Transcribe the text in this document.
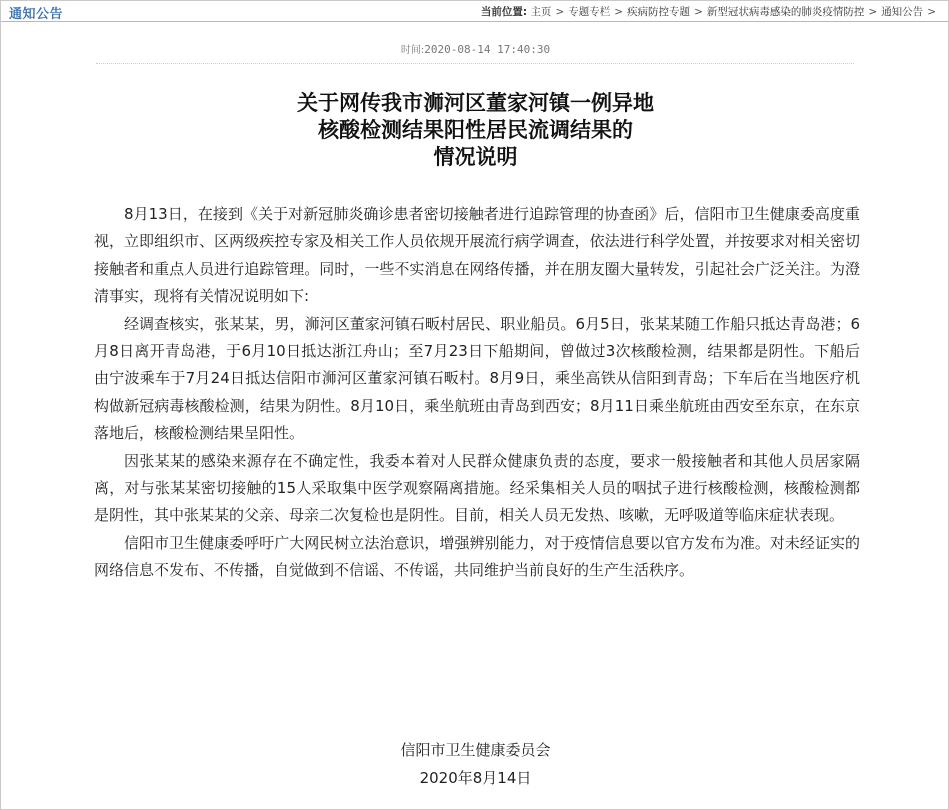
通知公告	当前位置: 主页 > 专题专栏 > 疾病防控专题 > 新型冠状病毒感染的肺炎疫情防控 > 通知公告 >
时间:2020-08-14 17:40:30
关于网传我市浉河区董家河镇一例异地
核酸检测结果阳性居民流调结果的
情况说明

8月13日，在接到《关于对新冠肺炎确诊患者密切接触者进行追踪管理的协查函》后，信阳市卫生健康委高度重视，立即组织市、区两级疾控专家及相关工作人员依规开展流行病学调查，依法进行科学处置，并按要求对相关密切接触者和重点人员进行追踪管理。同时，一些不实消息在网络传播，并在朋友圈大量转发，引起社会广泛关注。为澄清事实，现将有关情况说明如下:

经调查核实，张某某，男，浉河区董家河镇石畈村居民、职业船员。6月5日，张某某随工作船只抵达青岛港；6月8日离开青岛港，于6月10日抵达浙江舟山；至7月23日下船期间，曾做过3次核酸检测，结果都是阴性。下船后由宁波乘车于7月24日抵达信阳市浉河区董家河镇石畈村。8月9日，乘坐高铁从信阳到青岛；下车后在当地医疗机构做新冠病毒核酸检测，结果为阴性。8月10日，乘坐航班由青岛到西安；8月11日乘坐航班由西安至东京，在东京落地后，核酸检测结果呈阳性。

因张某某的感染来源存在不确定性，我委本着对人民群众健康负责的态度，要求一般接触者和其他人员居家隔离，对与张某某密切接触的15人采取集中医学观察隔离措施。经采集相关人员的咽拭子进行核酸检测，核酸检测都是阴性，其中张某某的父亲、母亲二次复检也是阴性。目前，相关人员无发热、咳嗽，无呼吸道等临床症状表现。

信阳市卫生健康委呼吁广大网民树立法治意识，增强辨别能力，对于疫情信息要以官方发布为准。对未经证实的网络信息不发布、不传播，自觉做到不信谣、不传谣，共同维护当前良好的生产生活秩序。

信阳市卫生健康委员会
2020年8月14日
